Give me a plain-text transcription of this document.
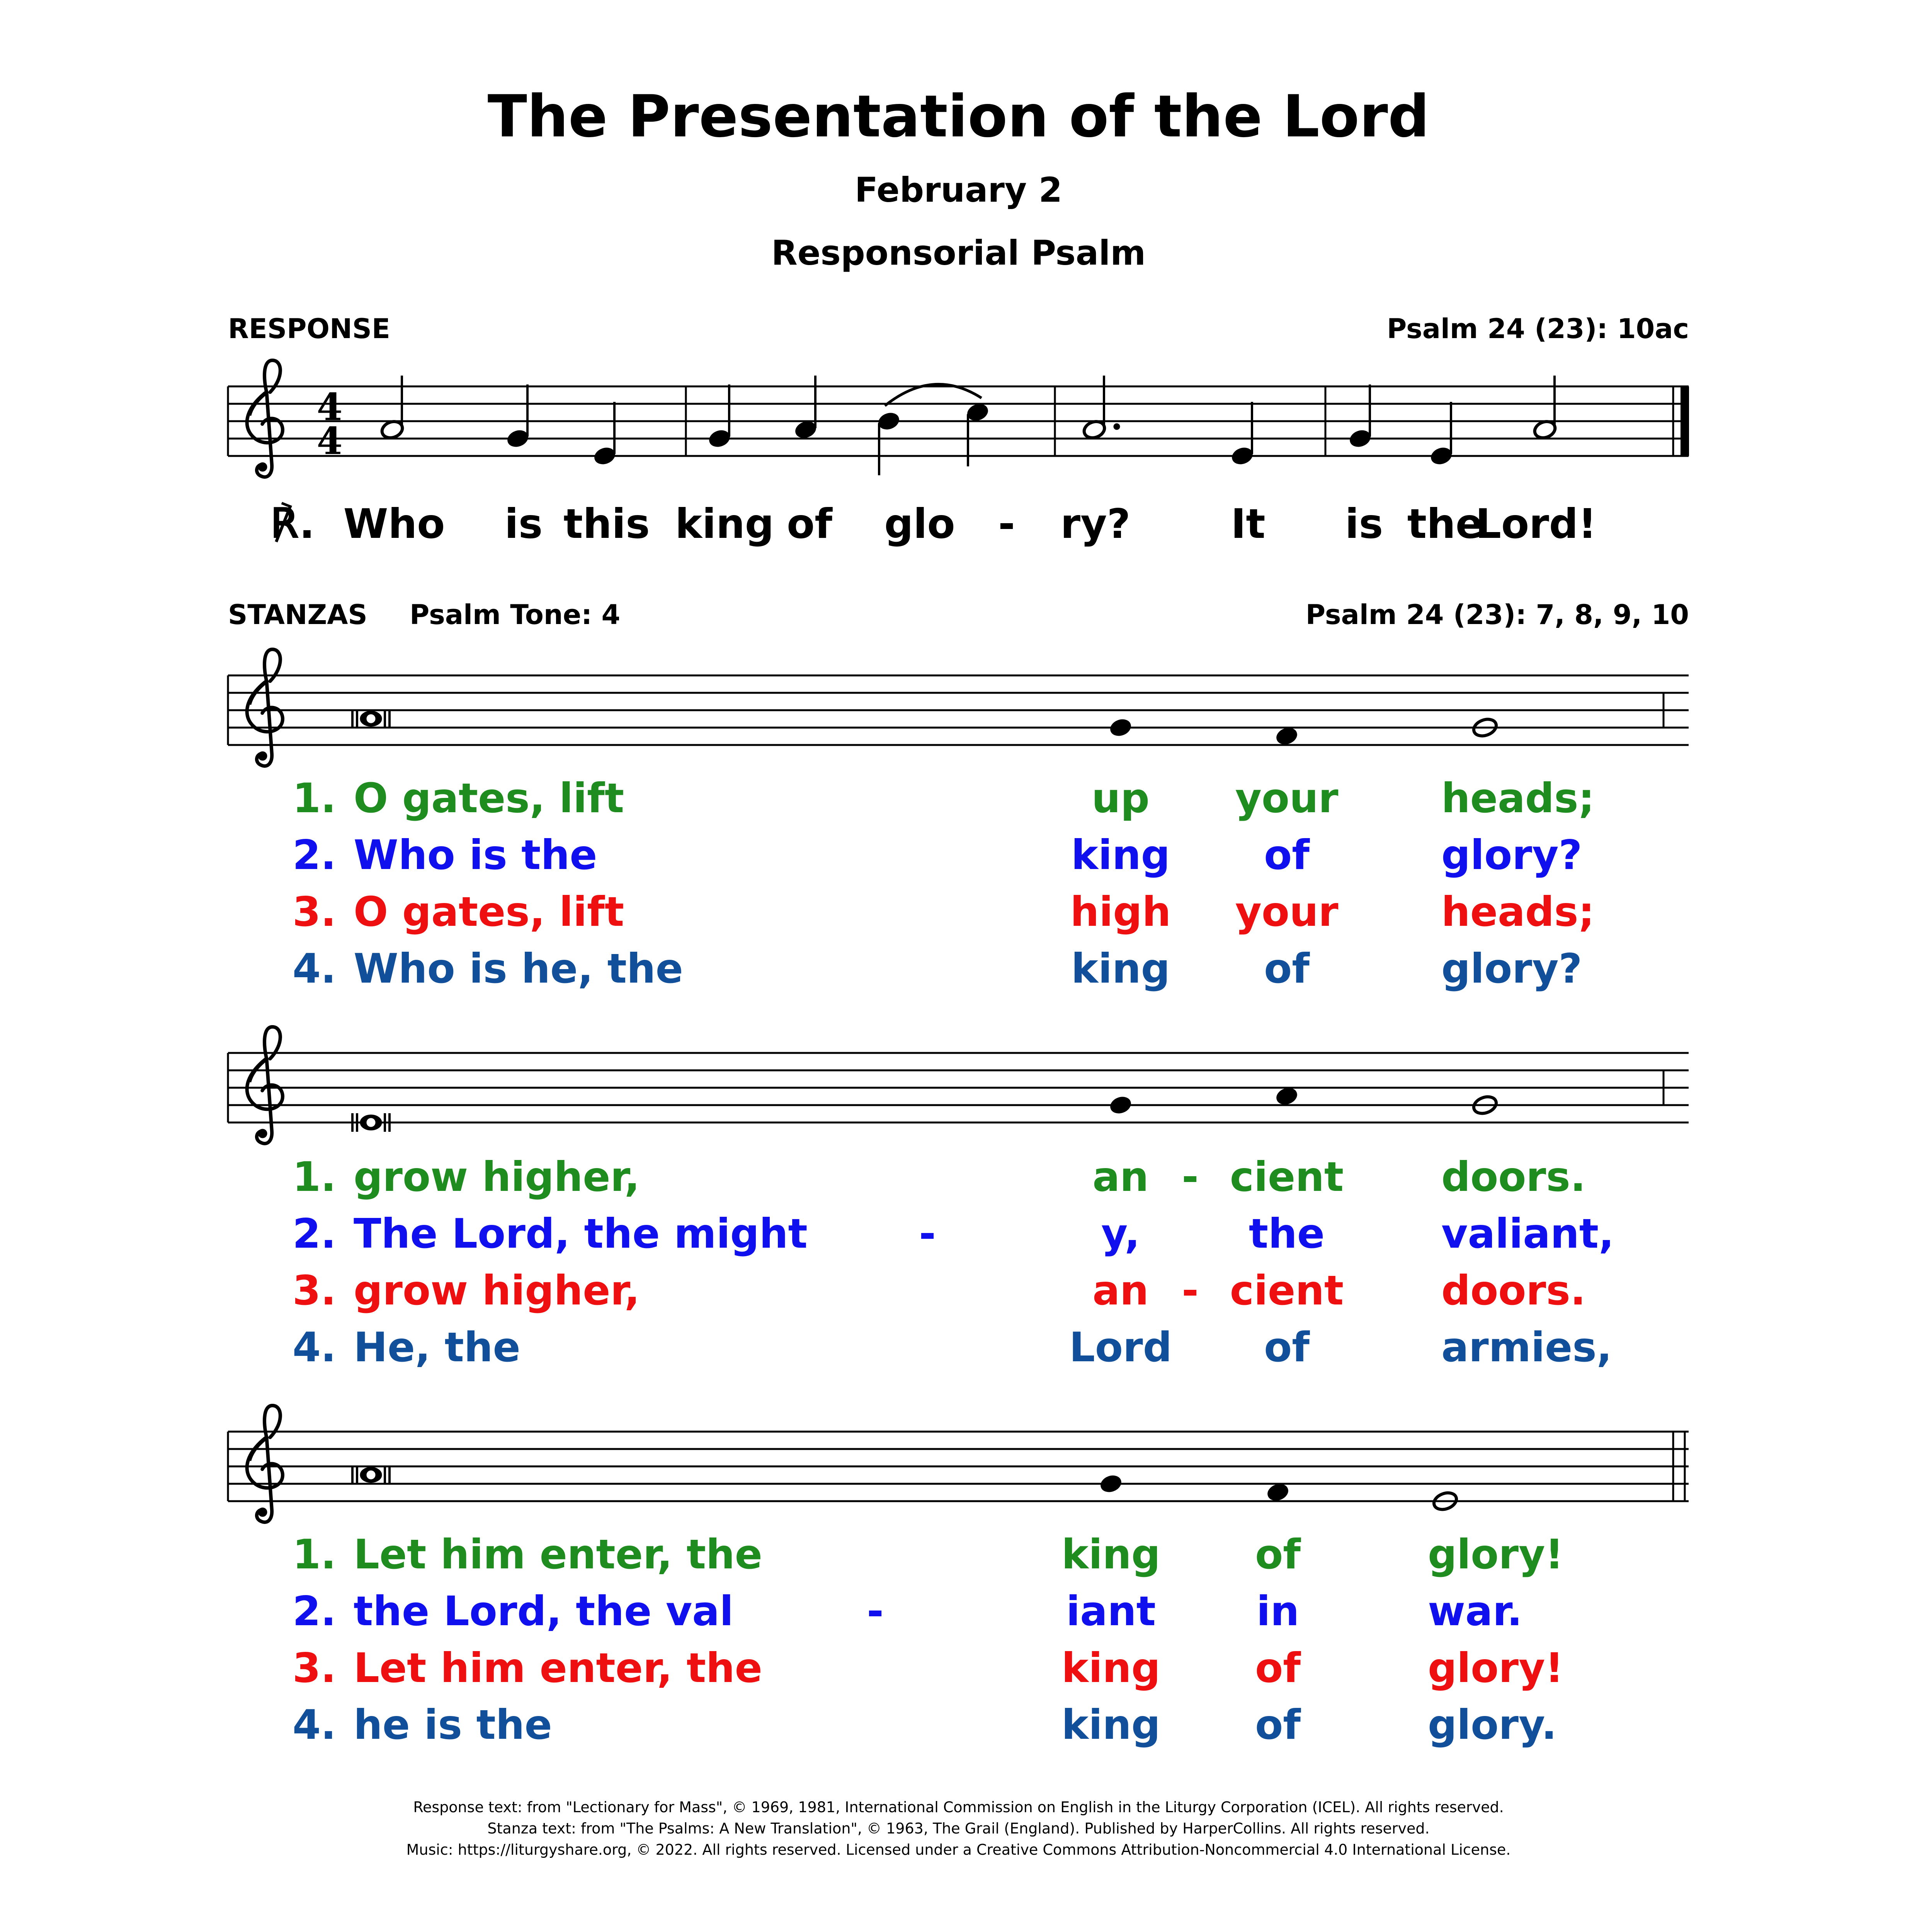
The Presentation of the Lord
February 2
Responsorial Psalm
RESPONSE	Psalm 24 (23): 10ac
4
4
℟. Who is this king of glo - ry? It is the
Lord!
STANZAS Psalm Tone: 4	Psalm 24 (23): 7, 8, 9, 10
1. O gates, lift	up your	heads;
2. Who is the	king of	glory?
3. O gates, lift	high your	heads;
4. Who is he, the	king of	glory?
1. grow higher,	an - cient doors.
2. The Lord, the might	-	y,	the	valiant,
3. grow higher,	an - cient doors.
4. He, the	Lord of	armies,
1. Let him enter, the	king of	glory!
2. the Lord, the val	-	iant in	war.
3. Let him enter, the	king of	glory!
4. he is the	king of	glory.
Response text: from "Lectionary for Mass", © 1969, 1981, International Commission on English in the Liturgy Corporation (ICEL). All rights reserved.
Stanza text: from "The Psalms: A New Translation", © 1963, The Grail (England). Published by HarperCollins. All rights reserved.
Music: https://liturgyshare.org, © 2022. All rights reserved. Licensed under a Creative Commons Attribution-Noncommercial 4.0 International License.
